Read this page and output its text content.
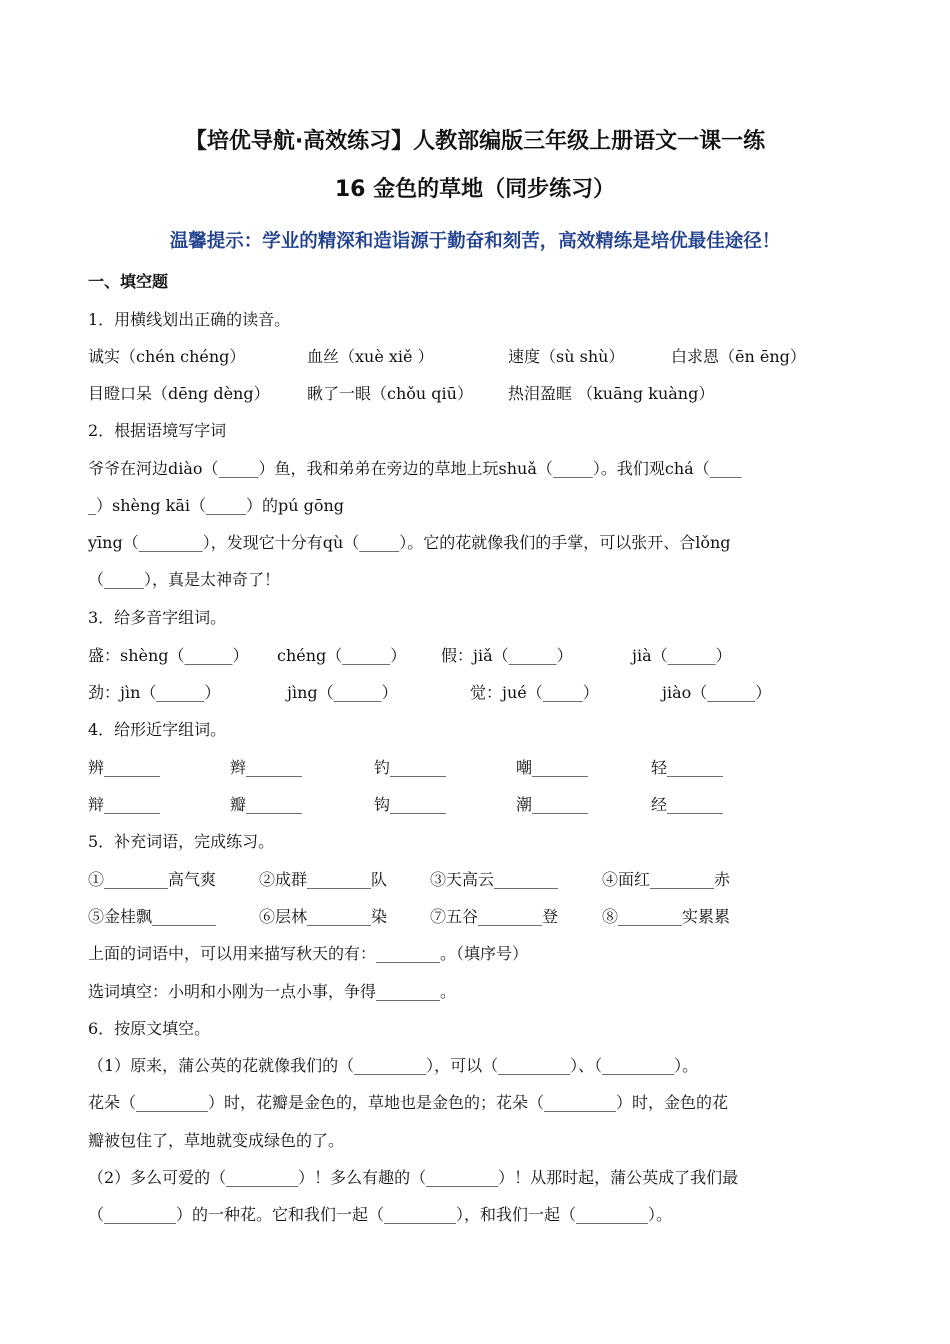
【培优导航·高效练习】人教部编版三年级上册语文一课一练
16 金色的草地（同步练习）
温馨提示：学业的精深和造诣源于勤奋和刻苦，高效精练是培优最佳途径！
一、填空题
1．用横线划出正确的读音。
诚实（chén chéng）	血丝（xuè xiě ）	速度（sù shù）	白求恩（ēn ēng）
目瞪口呆（dēng dèng） 瞅了一眼（chǒu qiū） 热泪盈眶 （kuāng kuàng）
2．根据语境写字词
爷爷在河边diào（_____）鱼，我和弟弟在旁边的草地上玩shuǎ（_____）。我们观chá（____
_）shèng kāi（_____）的pú gōng
yīng（________），发现它十分有qù（_____）。它的花就像我们的手掌，可以张开、合lǒng
（_____），真是太神奇了！
3．给多音字组词。
盛：shèng（______） chéng（______） 假：jiǎ（______）	jià（______）
劲：jìn（______）	jìng（______）	觉：jué（_____）	jiào（______）
4．给形近字组词。
辨_______	辫_______	钓_______	嘲_______	轻_______
辩_______	瓣_______	钩_______	潮_______	经_______
5．补充词语，完成练习。
①________高气爽	②成群________队	③天高云________	④面红________赤
⑤金桂飘________	⑥层林________染	⑦五谷________登	⑧________实累累
上面的词语中，可以用来描写秋天的有：________。（填序号）
选词填空：小明和小刚为一点小事，争得________。
6．按原文填空。
（1）原来，蒲公英的花就像我们的（_________），可以（_________）、（_________）。
花朵（_________）时，花瓣是金色的，草地也是金色的；花朵（_________）时，金色的花
瓣被包住了，草地就变成绿色的了。
（2）多么可爱的（_________）！多么有趣的（_________）！从那时起，蒲公英成了我们最
（_________）的一种花。它和我们一起（_________），和我们一起（_________）。
